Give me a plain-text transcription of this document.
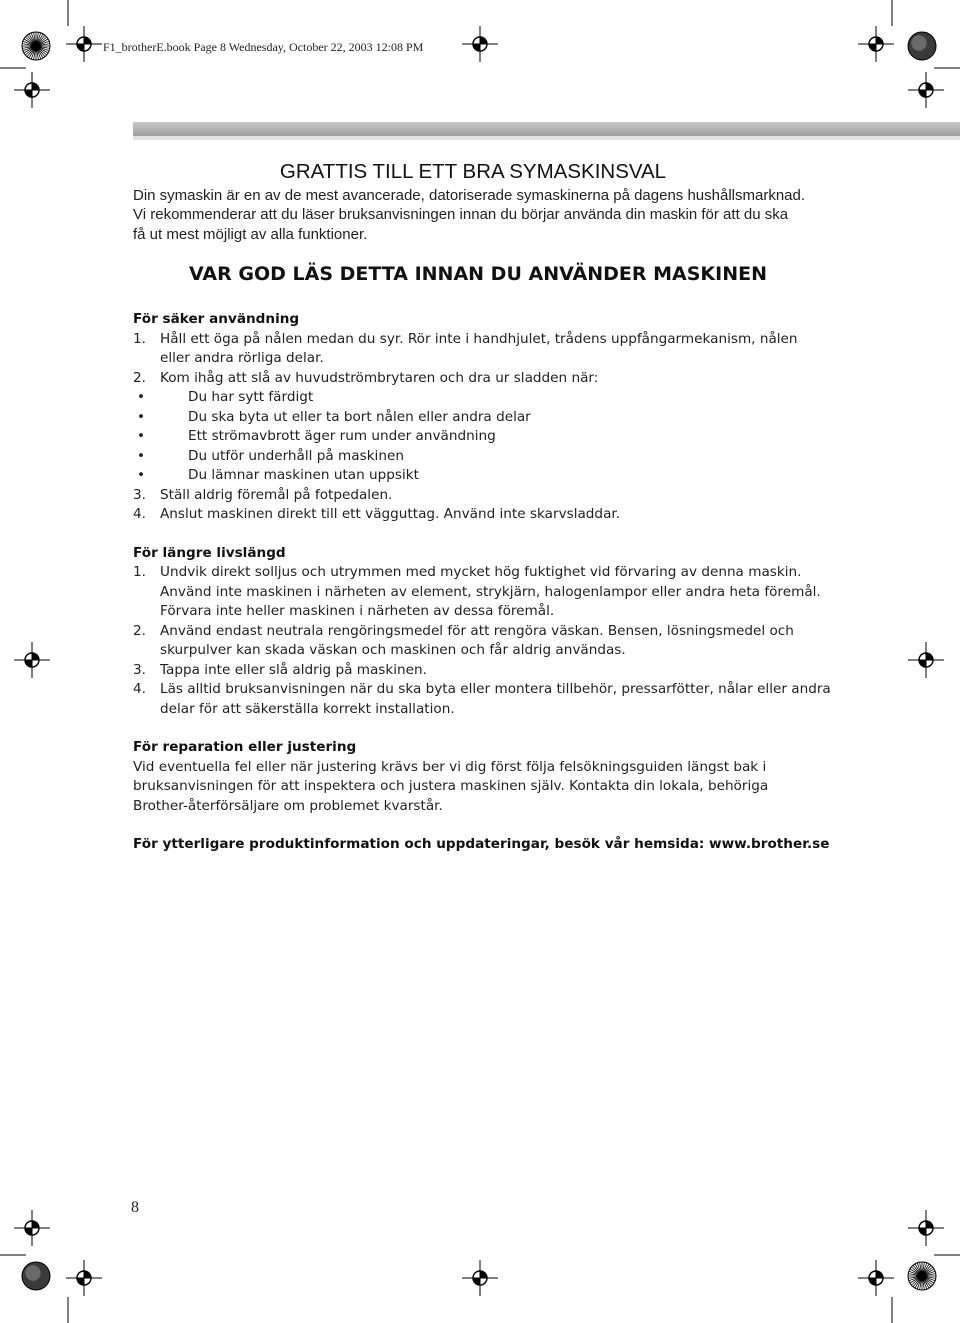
F1_brotherE.book Page 8 Wednesday, October 22, 2003 12:08 PM
GRATTIS TILL ETT BRA SYMASKINSVAL

Din symaskin är en av de mest avancerade, datoriserade symaskinerna på dagens hushållsmarknad.

Vi rekommenderar att du läser bruksanvisningen innan du börjar använda din maskin för att du ska

få ut mest möjligt av alla funktioner.

VAR GOD LÄS DETTA INNAN DU ANVÄNDER MASKINEN
För säker användning
1.	Håll ett öga på nålen medan du syr. Rör inte i handhjulet, trådens uppfångarmekanism, nålen
eller andra rörliga delar.
2.	Kom ihåg att slå av huvudströmbrytaren och dra ur sladden när:
•	Du har sytt färdigt
•	Du ska byta ut eller ta bort nålen eller andra delar
•	Ett strömavbrott äger rum under användning
•	Du utför underhåll på maskinen
•	Du lämnar maskinen utan uppsikt
3.	Ställ aldrig föremål på fotpedalen.
4.	Anslut maskinen direkt till ett vägguttag. Använd inte skarvsladdar.
För längre livslängd
1.	Undvik direkt solljus och utrymmen med mycket hög fuktighet vid förvaring av denna maskin.
Använd inte maskinen i närheten av element, strykjärn, halogenlampor eller andra heta föremål.
Förvara inte heller maskinen i närheten av dessa föremål.
2.	Använd endast neutrala rengöringsmedel för att rengöra väskan. Bensen, lösningsmedel och
skurpulver kan skada väskan och maskinen och får aldrig användas.
3.	Tappa inte eller slå aldrig på maskinen.
4.	Läs alltid bruksanvisningen när du ska byta eller montera tillbehör, pressarfötter, nålar eller andra
delar för att säkerställa korrekt installation.
För reparation eller justering

Vid eventuella fel eller när justering krävs ber vi dig först följa felsökningsguiden längst bak i

bruksanvisningen för att inspektera och justera maskinen själv. Kontakta din lokala, behöriga

Brother-återförsäljare om problemet kvarstår.

För ytterligare produktinformation och uppdateringar, besök vår hemsida: www.brother.se

8
